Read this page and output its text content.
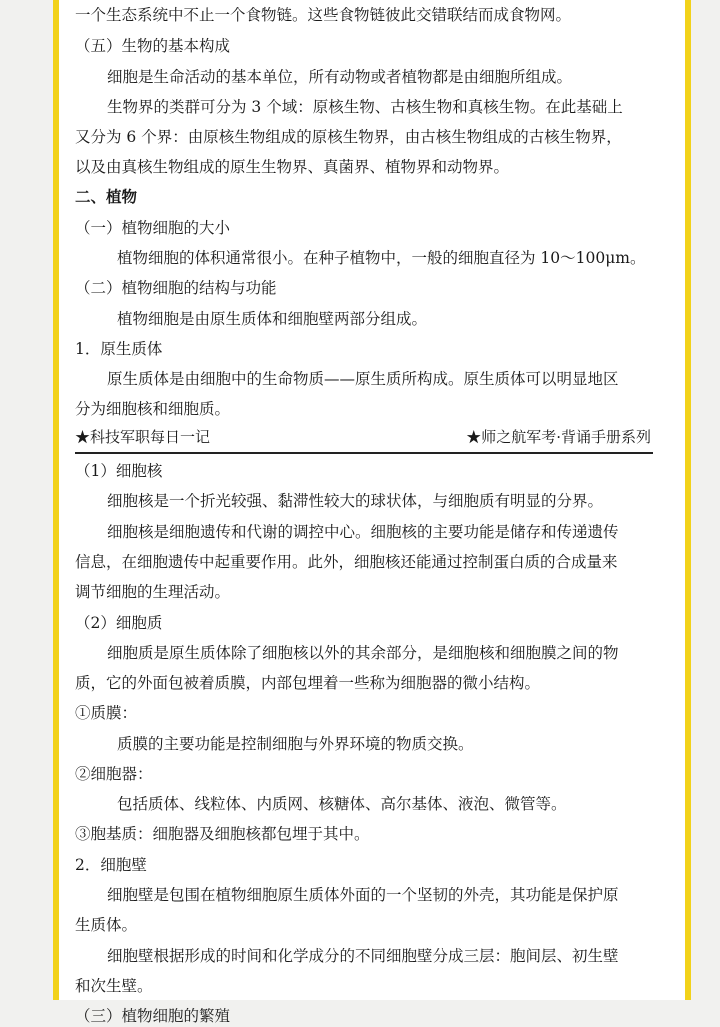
一个生态系统中不止一个食物链。这些食物链彼此交错联结而成食物网。
（五）生物的基本构成
细胞是生命活动的基本单位，所有动物或者植物都是由细胞所组成。
生物界的类群可分为 3 个域：原核生物、古核生物和真核生物。在此基础上
又分为 6 个界：由原核生物组成的原核生物界，由古核生物组成的古核生物界，
以及由真核生物组成的原生生物界、真菌界、植物界和动物界。
二、植物
（一）植物细胞的大小
植物细胞的体积通常很小。在种子植物中，一般的细胞直径为 10～100μm。
（二）植物细胞的结构与功能
植物细胞是由原生质体和细胞壁两部分组成。
1．原生质体
原生质体是由细胞中的生命物质——原生质所构成。原生质体可以明显地区
分为细胞核和细胞质。
★科技军职每日一记	★师之航军考·背诵手册系列
（1）细胞核
细胞核是一个折光较强、黏滞性较大的球状体，与细胞质有明显的分界。
细胞核是细胞遗传和代谢的调控中心。细胞核的主要功能是储存和传递遗传
信息，在细胞遗传中起重要作用。此外，细胞核还能通过控制蛋白质的合成量来
调节细胞的生理活动。
（2）细胞质
细胞质是原生质体除了细胞核以外的其余部分，是细胞核和细胞膜之间的物
质，它的外面包被着质膜，内部包埋着一些称为细胞器的微小结构。
①质膜：
质膜的主要功能是控制细胞与外界环境的物质交换。
②细胞器：
包括质体、线粒体、内质网、核糖体、高尔基体、液泡、微管等。
③胞基质：细胞器及细胞核都包埋于其中。
2．细胞壁
细胞壁是包围在植物细胞原生质体外面的一个坚韧的外壳，其功能是保护原
生质体。
细胞壁根据形成的时间和化学成分的不同细胞壁分成三层：胞间层、初生壁
和次生壁。
（三）植物细胞的繁殖
